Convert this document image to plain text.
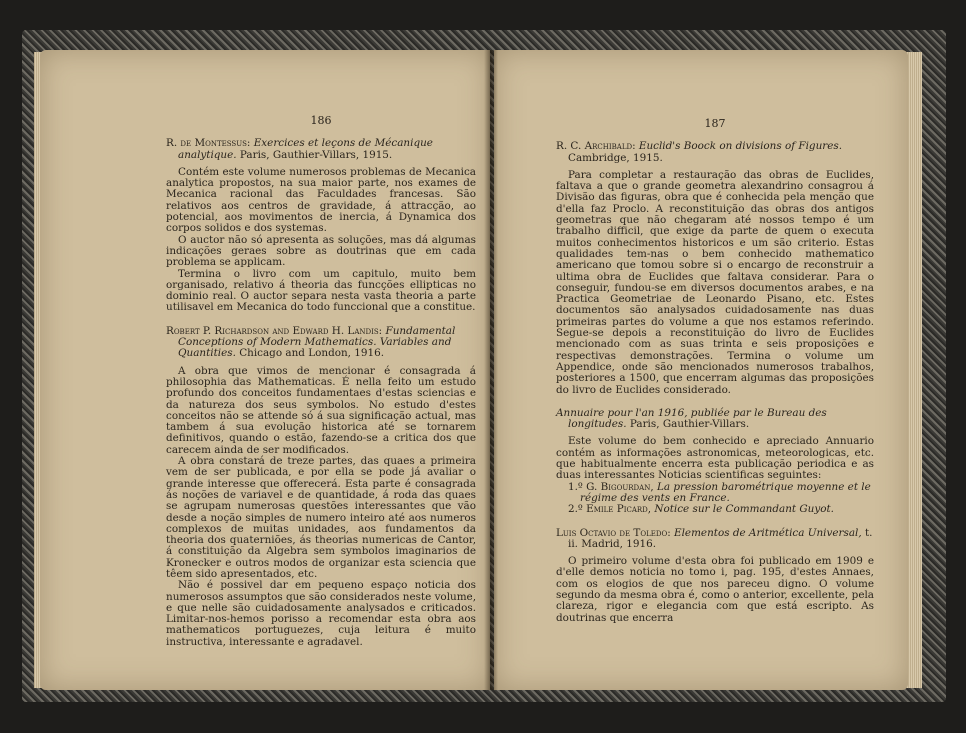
186

R. de Montessus: Exercices et leçons de Mécanique analytique. Paris, Gauthier-Villars, 1915.

Contém este volume numerosos problemas de Mecanica analytica propostos, na sua maior parte, nos exames de Mecanica racional das Faculdades francesas. São relativos aos centros de gravidade, á attracção, ao potencial, aos movimentos de inercia, á Dynamica dos corpos solidos e dos systemas.

O auctor não só apresenta as soluções, mas dá algumas indicações geraes sobre as doutrinas que em cada problema se applicam.

Termina o livro com um capitulo, muito bem organisado, relativo á theoria das funcções ellipticas no dominio real. O auctor separa nesta vasta theoria a parte utilisavel em Mecanica do todo funccional que a constitue.

Robert P. Richardson and Edward H. Landis: Fundamental Conceptions of Modern Mathematics. Variables and Quantities. Chicago and London, 1916.

A obra que vimos de mencionar é consagrada á philosophia das Mathematicas. É nella feito um estudo profundo dos conceitos fundamentaes d'estas sciencias e da natureza dos seus symbolos. No estudo d'estes conceitos não se attende só á sua significação actual, mas tambem á sua evolução historica até se tornarem definitivos, quando o estão, fazendo-se a critica dos que carecem ainda de ser modificados.

A obra constará de treze partes, das quaes a primeira vem de ser publicada, e por ella se pode já avaliar o grande interesse que offerecerá. Esta parte é consagrada ás noções de variavel e de quantidade, á roda das quaes se agrupam numerosas questões interessantes que vão desde a noção simples de numero inteiro até aos numeros complexos de muitas unidades, aos fundamentos da theoria dos quaterniões, ás theorias numericas de Cantor, á constituição da Algebra sem symbolos imaginarios de Kronecker e outros modos de organizar esta sciencia que têem sido apresentados, etc.

Não é possivel dar em pequeno espaço noticia dos numerosos assumptos que são considerados neste volume, e que nelle são cuidadosamente analysados e criticados. Limitar-nos-hemos porisso a recomendar esta obra aos mathematicos portuguezes, cuja leitura é muito instructiva, interessante e agradavel.

187

R. C. Archibald: Euclid's Boock on divisions of Figures. Cambridge, 1915.

Para completar a restauração das obras de Euclides, faltava a que o grande geometra alexandrino consagrou á Divisão das figuras, obra que é conhecida pela menção que d'ella faz Proclo. A reconstituição das obras dos antigos geometras que não chegaram até nossos tempo é um trabalho difficil, que exige da parte de quem o executa muitos conhecimentos historicos e um são criterio. Estas qualidades tem-nas o bem conhecido mathematico americano que tomou sobre si o encargo de reconstruir a ultima obra de Euclides que faltava considerar. Para o conseguir, fundou-se em diversos documentos arabes, e na Practica Geometriae de Leonardo Pisano, etc. Estes documentos são analysados cuidadosamente nas duas primeiras partes do volume a que nos estamos referindo. Segue-se depois a reconstituição do livro de Euclides mencionado com as suas trinta e seis proposições e respectivas demonstrações. Termina o volume um Appendice, onde são mencionados numerosos trabalhos, posteriores a 1500, que encerram algumas das proposições do livro de Euclides considerado.

Annuaire pour l'an 1916, publiée par le Bureau des longitudes. Paris, Gauthier-Villars.

Este volume do bem conhecido e apreciado Annuario contém as informações astronomicas, meteorologicas, etc. que habitualmente encerra esta publicação periodica e as duas interessantes Noticias scientificas seguintes:

1.º G. Bigourdan, La pression barométrique moyenne et le régime des vents en France.

2.º Emile Picard, Notice sur le Commandant Guyot.

Luis Octavio de Toledo: Elementos de Aritmética Universal, t. ii. Madrid, 1916.

O primeiro volume d'esta obra foi publicado em 1909 e d'elle demos noticia no tomo i, pag. 195, d'estes Annaes, com os elogios de que nos pareceu digno. O volume segundo da mesma obra é, como o anterior, excellente, pela clareza, rigor e elegancia com que está escripto. As doutrinas que encerra
